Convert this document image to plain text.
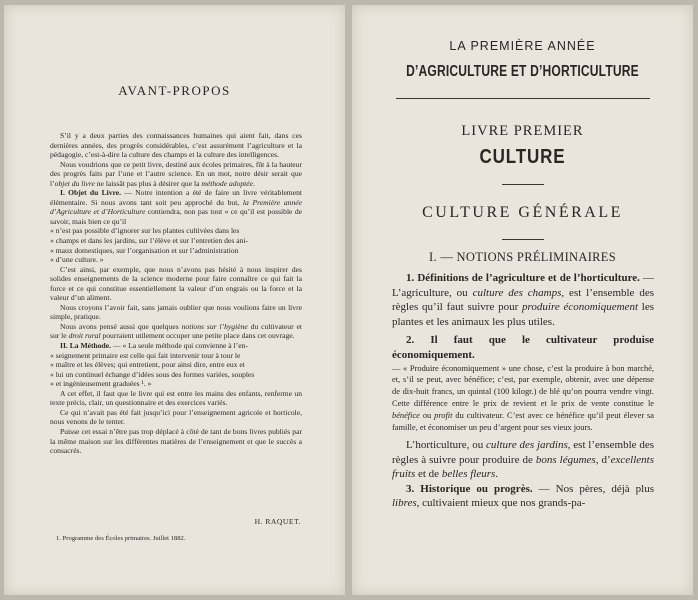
AVANT-PROPOS

S’il y a deux parties des connaissances humaines qui aient fait, dans ces dernières années, des progrès considérables, c’est assurément l’agriculture et la pédagogie, c’est-à-dire la culture des champs et la culture des intelligences.

Nous voudrions que ce petit livre, destiné aux écoles primaires, fût à la hauteur des progrès faits par l’une et l’autre science. En un mot, notre désir serait que l’objet du livre ne laissât pas plus à désirer que la méthode adoptée.

I. Objet du Livre. — Notre intention a été de faire un livre véritablement élémentaire. Si nous avons tant soit peu approché du but, la Première année d’Agriculture et d’Horticulture contiendra, non pas tout « ce qu’il est possible de savoir, mais bien ce qu’il

« n’est pas possible d’ignorer sur les plantes cultivées dans les

« champs et dans les jardins, sur l’élève et sur l’entretien des ani-

« maux domestiques, sur l’organisation et sur l’administration

« d’une culture. »

C’est ainsi, par exemple, que nous n’avons pas hésité à nous inspirer des solides enseignements de la science moderne pour faire connaître ce qui fait la force et ce qui constitue essentiellement la valeur d’un engrais ou la force et la valeur d’un aliment.

Nous croyons l’avoir fait, sans jamais oublier que nous voulions faire un livre simple, pratique.

Nous avons pensé aussi que quelques notions sur l’hygiène du cultivateur et sur le droit rural pourraient utilement occuper une petite place dans cet ouvrage.

II. La Méthode. — « La seule méthode qui convienne à l’en-

« seignement primaire est celle qui fait intervenir tour à tour le

« maître et les élèves; qui entretient, pour ainsi dire, entre eux et

« lui un continuel échange d’idées sous des formes variées, souples

« et ingénieusement graduées ¹. »

A cet effet, il faut que le livre qui est entre les mains des enfants, renferme un texte précis, clair, un questionnaire et des exercices variés.

Ce qui n’avait pas été fait jusqu’ici pour l’enseignement agricole et horticole, nous venons de le tenter.

Puisse cet essai n’être pas trop déplacé à côté de tant de bons livres publiés par la même maison sur les différentes matières de l’enseignement et que le succès a consacrés.

H. RAQUET.
1. Programme des Écoles primaires. Juillet 1882.
LA PREMIÈRE ANNÉE
D’AGRICULTURE ET D’HORTICULTURE
LIVRE PREMIER
CULTURE
CULTURE GÉNÉRALE
I. — NOTIONS PRÉLIMINAIRES

1. Définitions de l’agriculture et de l’horticulture. — L’agriculture, ou culture des champs, est l’ensemble des règles qu’il faut suivre pour produire économiquement les plantes et les animaux les plus utiles.

2. Il faut que le cultivateur produise économiquement.

— « Produire économiquement » une chose, c’est la produire à bon marché, et, s’il se peut, avec bénéfice; c’est, par exemple, obtenir, avec une dépense de dix-huit francs, un quintal (100 kilogr.) de blé qu’on pourra vendre vingt. Cette différence entre le prix de revient et le prix de vente constitue le bénéfice ou profit du cultivateur. C’est avec ce bénéfice qu’il peut élever sa famille, et économiser un peu d’argent pour ses vieux jours.

L’horticulture, ou culture des jardins, est l’ensemble des règles à suivre pour produire de bons légumes, d’excellents fruits et de belles fleurs.

3. Historique ou progrès. — Nos pères, déjà plus libres, cultivaient mieux que nos grands-pa-
